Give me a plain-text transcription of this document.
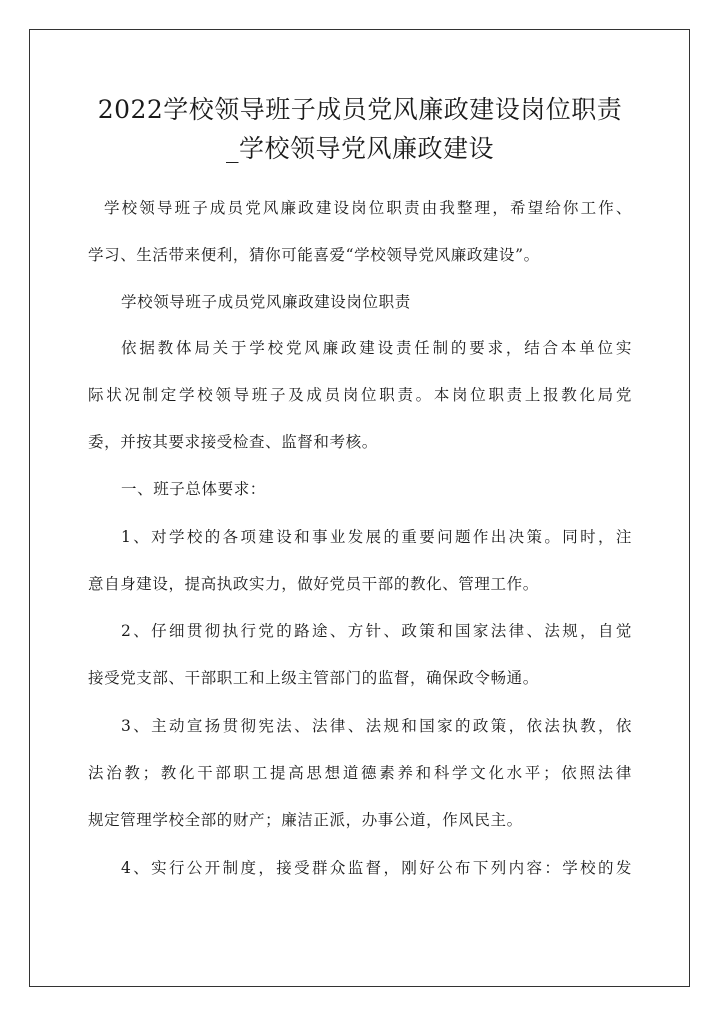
2022学校领导班子成员党风廉政建设岗位职责
_学校领导党风廉政建设

学校领导班子成员党风廉政建设岗位职责由我整理，希望给你工作、

学习、生活带来便利，猜你可能喜爱“学校领导党风廉政建设”。

学校领导班子成员党风廉政建设岗位职责

依据教体局关于学校党风廉政建设责任制的要求，结合本单位实

际状况制定学校领导班子及成员岗位职责。本岗位职责上报教化局党

委，并按其要求接受检查、监督和考核。

一、班子总体要求：

1、对学校的各项建设和事业发展的重要问题作出决策。同时，注

意自身建设，提高执政实力，做好党员干部的教化、管理工作。

2、仔细贯彻执行党的路途、方针、政策和国家法律、法规，自觉

接受党支部、干部职工和上级主管部门的监督，确保政令畅通。

3、主动宣扬贯彻宪法、法律、法规和国家的政策，依法执教，依

法治教；教化干部职工提高思想道德素养和科学文化水平；依照法律

规定管理学校全部的财产；廉洁正派，办事公道，作风民主。

4、实行公开制度，接受群众监督，刚好公布下列内容：学校的发
